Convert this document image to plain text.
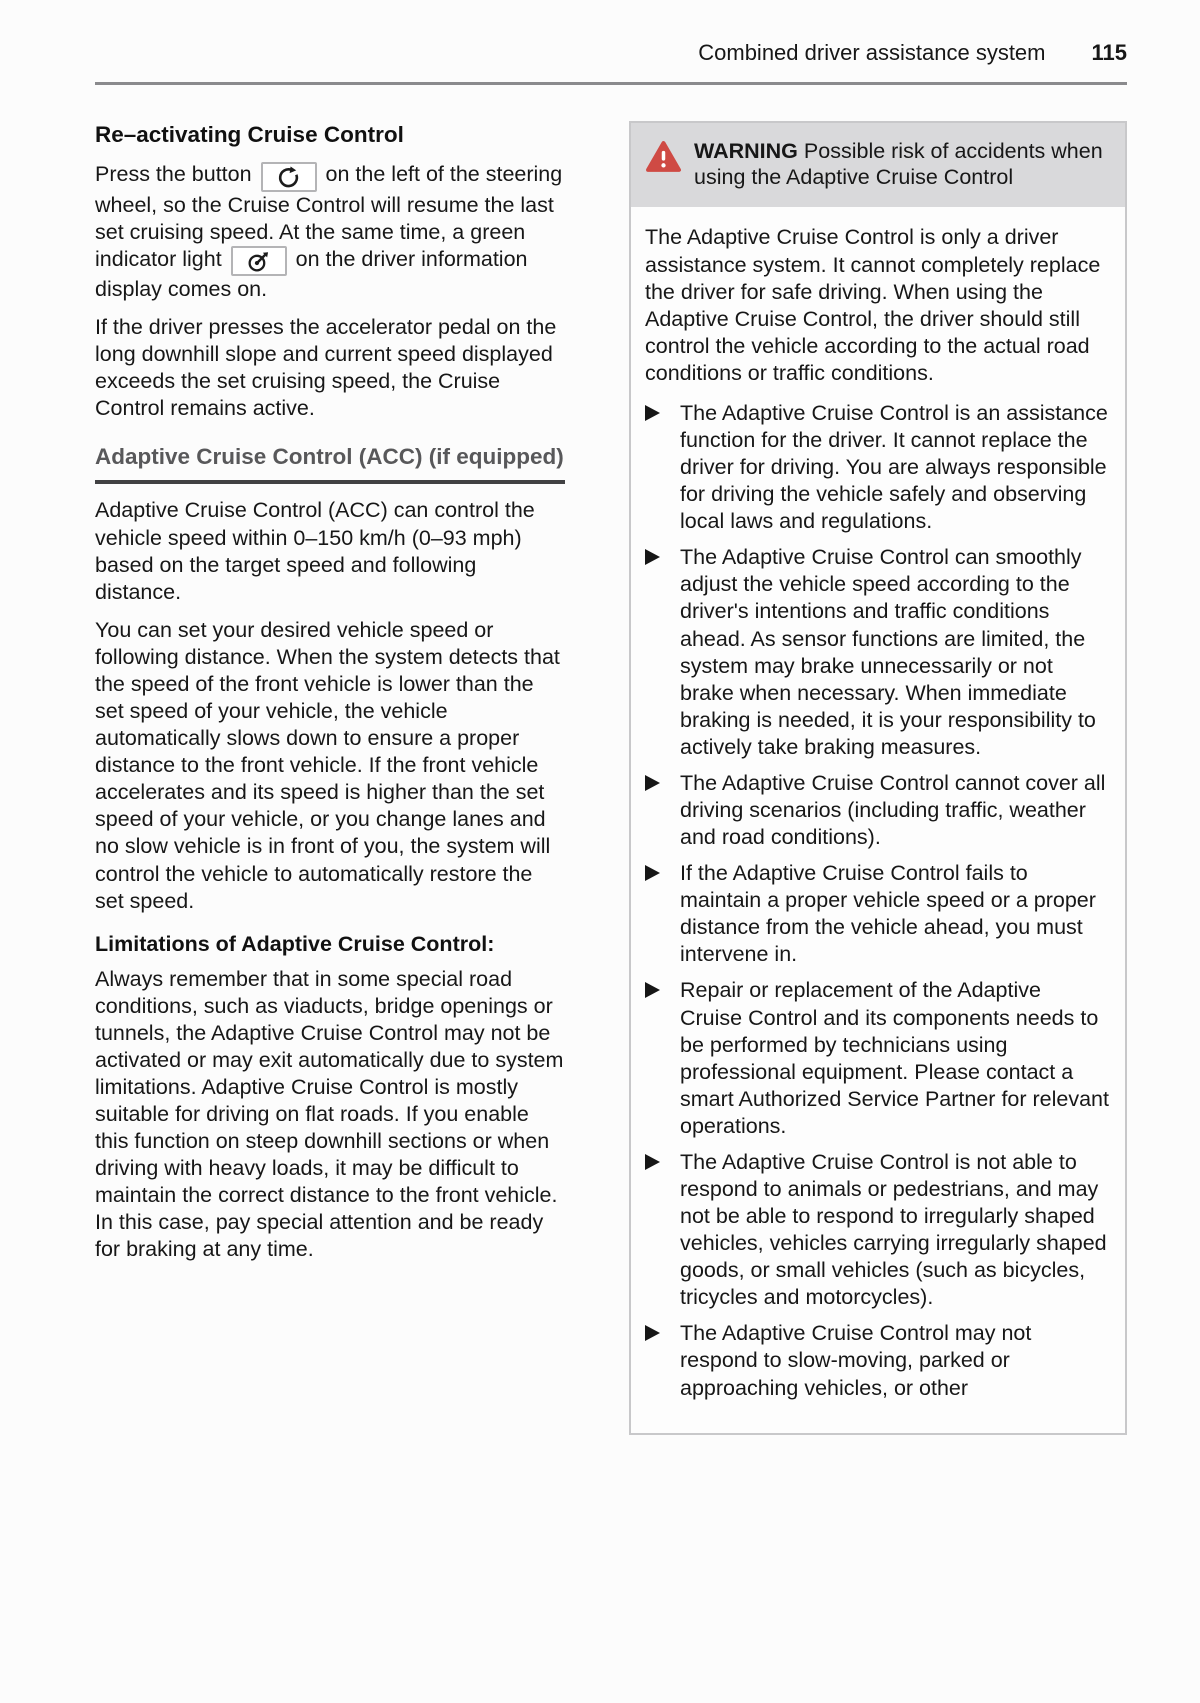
Combined driver assistance system 115
Re–activating Cruise Control

Press the button	on the left of the steering wheel, so the Cruise Control will resume the last set cruising speed. At the same time, a green indicator light	on the driver information display comes on.

If the driver presses the accelerator pedal on the long downhill slope and current speed displayed exceeds the set cruising speed, the Cruise Control remains active.

Adaptive Cruise Control (ACC) (if equipped)

Adaptive Cruise Control (ACC) can control the vehicle speed within 0–150 km/h (0–93 mph) based on the target speed and following distance.

You can set your desired vehicle speed or following distance. When the system detects that the speed of the front vehicle is lower than the set speed of your vehicle, the vehicle automatically slows down to ensure a proper distance to the front vehicle. If the front vehicle accelerates and its speed is higher than the set speed of your vehicle, or you change lanes and no slow vehicle is in front of you, the system will control the vehicle to automatically restore the set speed.

Limitations of Adaptive Cruise Control:

Always remember that in some special road conditions, such as viaducts, bridge openings or tunnels, the Adaptive Cruise Control may not be activated or may exit automatically due to system limitations. Adaptive Cruise Control is mostly suitable for driving on flat roads. If you enable this function on steep downhill sections or when driving with heavy loads, it may be difficult to maintain the correct distance to the front vehicle. In this case, pay special attention and be ready for braking at any time.

WARNING Possible risk of accidents when using the Adaptive Cruise Control

The Adaptive Cruise Control is only a driver assistance system. It cannot completely replace the driver for safe driving. When using the Adaptive Cruise Control, the driver should still control the vehicle according to the actual road conditions or traffic conditions.

The Adaptive Cruise Control is an assistance function for the driver. It cannot replace the driver for driving. You are always responsible for driving the vehicle safely and observing local laws and regulations.

The Adaptive Cruise Control can smoothly adjust the vehicle speed according to the driver's intentions and traffic conditions ahead. As sensor functions are limited, the system may brake unnecessarily or not brake when necessary. When immediate braking is needed, it is your responsibility to actively take braking measures.

The Adaptive Cruise Control cannot cover all driving scenarios (including traffic, weather and road conditions).

If the Adaptive Cruise Control fails to maintain a proper vehicle speed or a proper distance from the vehicle ahead, you must intervene in.

Repair or replacement of the Adaptive Cruise Control and its components needs to be performed by technicians using professional equipment. Please contact a smart Authorized Service Partner for relevant operations.

The Adaptive Cruise Control is not able to respond to animals or pedestrians, and may not be able to respond to irregularly shaped vehicles, vehicles carrying irregularly shaped goods, or small vehicles (such as bicycles, tricycles and motorcycles).

The Adaptive Cruise Control may not respond to slow-moving, parked or approaching vehicles, or other
